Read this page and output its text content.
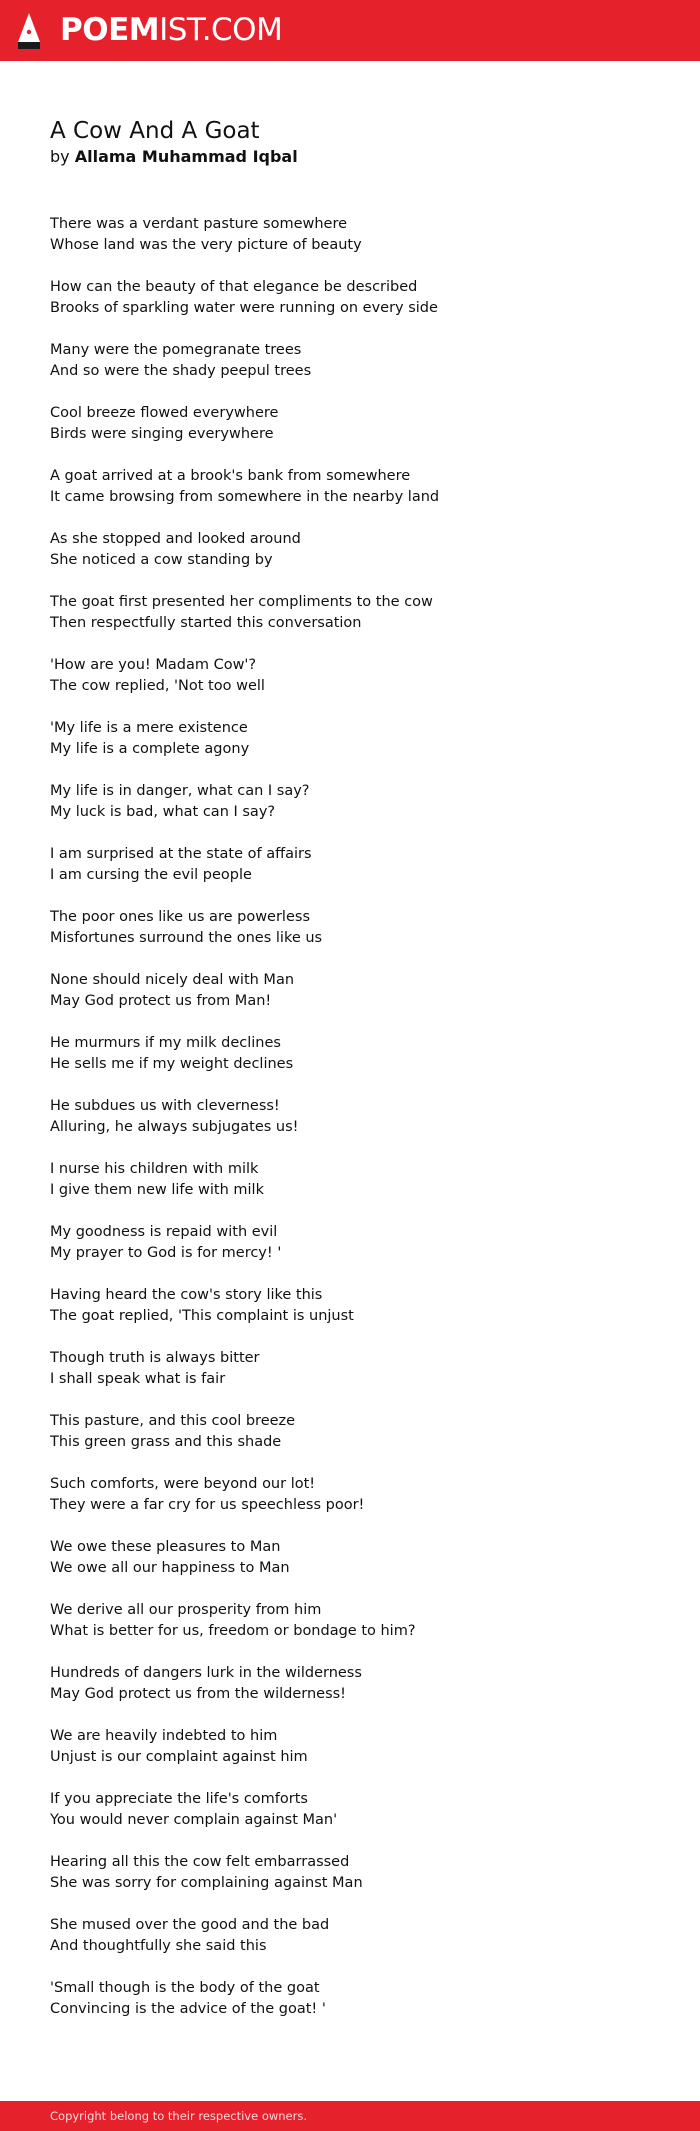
POEMIST.COM
A Cow And A Goat

by Allama Muhammad Iqbal

There was a verdant pasture somewhere
Whose land was the very picture of beauty
How can the beauty of that elegance be described
Brooks of sparkling water were running on every side
Many were the pomegranate trees
And so were the shady peepul trees
Cool breeze flowed everywhere
Birds were singing everywhere
A goat arrived at a brook's bank from somewhere
It came browsing from somewhere in the nearby land
As she stopped and looked around
She noticed a cow standing by
The goat first presented her compliments to the cow
Then respectfully started this conversation
'How are you! Madam Cow'?
The cow replied, 'Not too well
'My life is a mere existence
My life is a complete agony
My life is in danger, what can I say?
My luck is bad, what can I say?
I am surprised at the state of affairs
I am cursing the evil people
The poor ones like us are powerless
Misfortunes surround the ones like us
None should nicely deal with Man
May God protect us from Man!
He murmurs if my milk declines
He sells me if my weight declines
He subdues us with cleverness!
Alluring, he always subjugates us!
I nurse his children with milk
I give them new life with milk
My goodness is repaid with evil
My prayer to God is for mercy! '
Having heard the cow's story like this
The goat replied, 'This complaint is unjust
Though truth is always bitter
I shall speak what is fair
This pasture, and this cool breeze
This green grass and this shade
Such comforts, were beyond our lot!
They were a far cry for us speechless poor!
We owe these pleasures to Man
We owe all our happiness to Man
We derive all our prosperity from him
What is better for us, freedom or bondage to him?
Hundreds of dangers lurk in the wilderness
May God protect us from the wilderness!
We are heavily indebted to him
Unjust is our complaint against him
If you appreciate the life's comforts
You would never complain against Man'
Hearing all this the cow felt embarrassed
She was sorry for complaining against Man
She mused over the good and the bad
And thoughtfully she said this
'Small though is the body of the goat
Convincing is the advice of the goat! '
Copyright belong to their respective owners.
